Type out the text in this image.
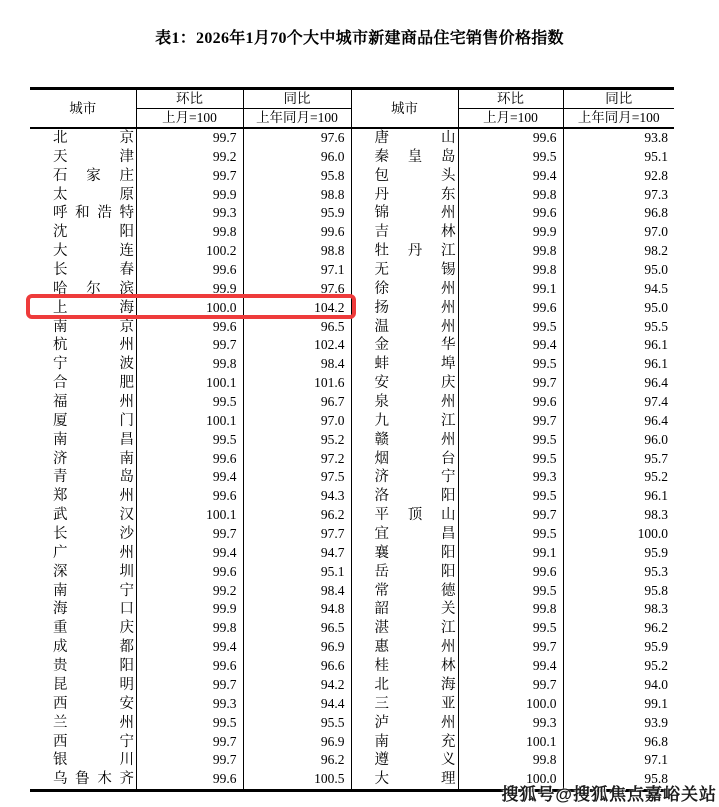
表1：2026年1月70个大中城市新建商品住宅销售价格指数
城市	环比	同比	城市	环比	同比
	上月=100	上年同月=100		上月=100	上年同月=100

北 京	99.7	97.6	唐 山	99.6	93.8

天 津	99.2	96.0	秦 皇 岛	99.5	95.1

石 家 庄	99.7	95.8	包 头	99.4	92.8

太 原	99.9	98.8	丹 东	99.8	97.3

呼 和 浩 特	99.3	95.9	锦 州	99.6	96.8

沈 阳	99.8	99.6	吉 林	99.9	97.0

大 连	100.2	98.8	牡 丹 江	99.8	98.2

长 春	99.6	97.1	无 锡	99.8	95.0

哈 尔 滨	99.9	97.6	徐 州	99.1	94.5

上 海	100.0	104.2	扬 州	99.6	95.0

南 京	99.6	96.5	温 州	99.5	95.5

杭 州	99.7	102.4	金 华	99.4	96.1

宁 波	99.8	98.4	蚌 埠	99.5	96.1

合 肥	100.1	101.6	安 庆	99.7	96.4

福 州	99.5	96.7	泉 州	99.6	97.4

厦 门	100.1	97.0	九 江	99.7	96.4

南 昌	99.5	95.2	赣 州	99.5	96.0

济 南	99.6	97.2	烟 台	99.5	95.7

青 岛	99.4	97.5	济 宁	99.3	95.2

郑 州	99.6	94.3	洛 阳	99.5	96.1

武 汉	100.1	96.2	平 顶 山	99.7	98.3

长 沙	99.7	97.7	宜 昌	99.5	100.0

广 州	99.4	94.7	襄 阳	99.1	95.9

深 圳	99.6	95.1	岳 阳	99.6	95.3

南 宁	99.2	98.4	常 德	99.5	95.8

海 口	99.9	94.8	韶 关	99.8	98.3

重 庆	99.8	96.5	湛 江	99.5	96.2

成 都	99.4	96.9	惠 州	99.7	95.9

贵 阳	99.6	96.6	桂 林	99.4	95.2

昆 明	99.7	94.2	北 海	99.7	94.0

西 安	99.3	94.4	三 亚	100.0	99.1

兰 州	99.5	95.5	泸 州	99.3	93.9

西 宁	99.7	96.9	南 充	100.1	96.8

银 川	99.7	96.2	遵 义	99.8	97.1

乌 鲁 木 齐	99.6	100.5	大 理	100.0	95.8
搜狐号@搜狐焦点嘉峪关站
